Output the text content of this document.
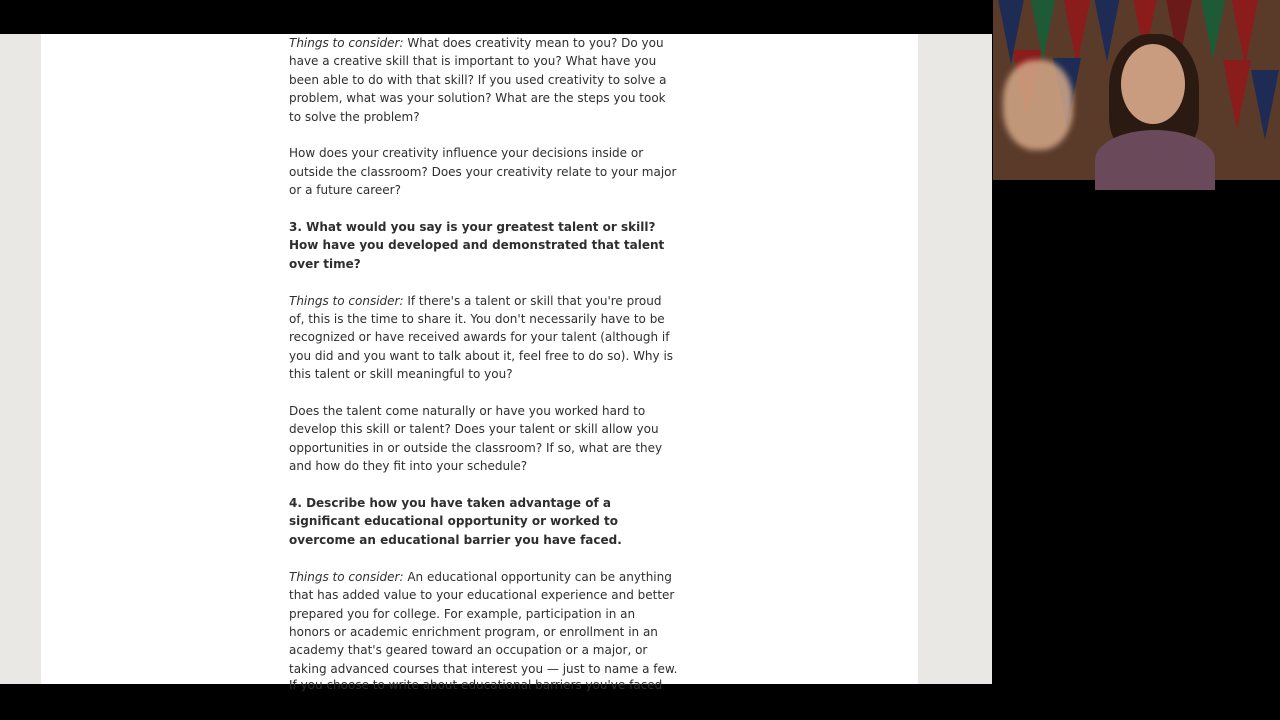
Things to consider: What does creativity mean to you? Do you have a creative skill that is important to you? What have you been able to do with that skill? If you used creativity to solve a problem, what was your solution? What are the steps you took to solve the problem?

How does your creativity influence your decisions inside or outside the classroom? Does your creativity relate to your major or a future career?

3. What would you say is your greatest talent or skill? How have you developed and demonstrated that talent over time?

Things to consider: If there's a talent or skill that you're proud of, this is the time to share it. You don't necessarily have to be recognized or have received awards for your talent (although if you did and you want to talk about it, feel free to do so). Why is this talent or skill meaningful to you?

Does the talent come naturally or have you worked hard to develop this skill or talent? Does your talent or skill allow you opportunities in or outside the classroom? If so, what are they and how do they fit into your schedule?

4. Describe how you have taken advantage of a significant educational opportunity or worked to overcome an educational barrier you have faced.

Things to consider: An educational opportunity can be anything that has added value to your educational experience and better prepared you for college. For example, participation in an honors or academic enrichment program, or enrollment in an academy that's geared toward an occupation or a major, or taking advanced courses that interest you — just to name a few.

If you choose to write about educational barriers you've faced
